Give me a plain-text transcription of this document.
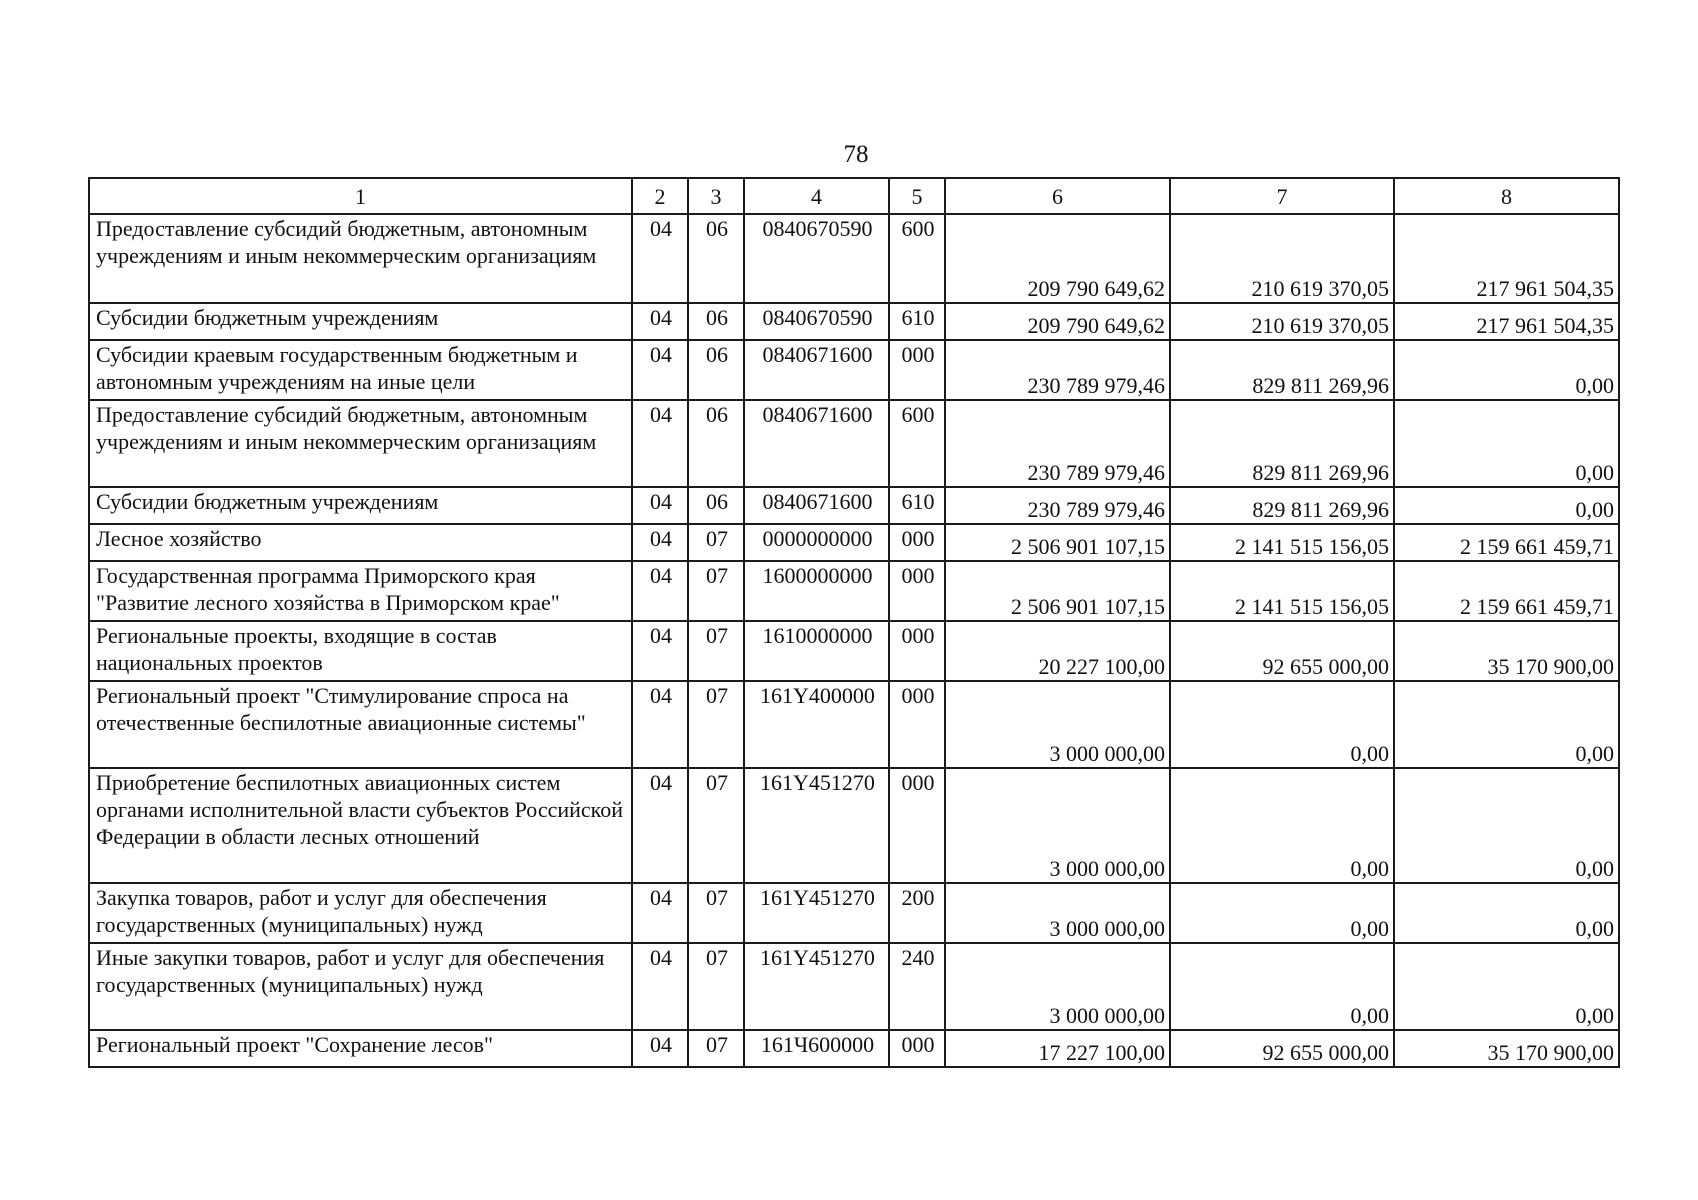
78
1	2	3	4	5	6	7	8
Предоставление субсидий бюджетным, автономным учреждениям и иным некоммерческим организациям	04	06	0840670590	600	209 790 649,62	210 619 370,05	217 961 504,35
Субсидии бюджетным учреждениям	04	06	0840670590	610	209 790 649,62	210 619 370,05	217 961 504,35
Субсидии краевым государственным бюджетным и автономным учреждениям на иные цели	04	06	0840671600	000	230 789 979,46	829 811 269,96	0,00
Предоставление субсидий бюджетным, автономным учреждениям и иным некоммерческим организациям	04	06	0840671600	600	230 789 979,46	829 811 269,96	0,00
Субсидии бюджетным учреждениям	04	06	0840671600	610	230 789 979,46	829 811 269,96	0,00
Лесное хозяйство	04	07	0000000000	000	2 506 901 107,15	2 141 515 156,05	2 159 661 459,71
Государственная программа Приморского края "Развитие лесного хозяйства в Приморском крае"	04	07	1600000000	000	2 506 901 107,15	2 141 515 156,05	2 159 661 459,71
Региональные проекты, входящие в состав национальных проектов	04	07	1610000000	000	20 227 100,00	92 655 000,00	35 170 900,00
Региональный проект "Стимулирование спроса на отечественные беспилотные авиационные системы"	04	07	161Y400000	000	3 000 000,00	0,00	0,00
Приобретение беспилотных авиационных систем органами исполнительной власти субъектов Российской Федерации в области лесных отношений	04	07	161Y451270	000	3 000 000,00	0,00	0,00
Закупка товаров, работ и услуг для обеспечения государственных (муниципальных) нужд	04	07	161Y451270	200	3 000 000,00	0,00	0,00
Иные закупки товаров, работ и услуг для обеспечения государственных (муниципальных) нужд	04	07	161Y451270	240	3 000 000,00	0,00	0,00
Региональный проект "Сохранение лесов"	04	07	161Ч600000	000	17 227 100,00	92 655 000,00	35 170 900,00
